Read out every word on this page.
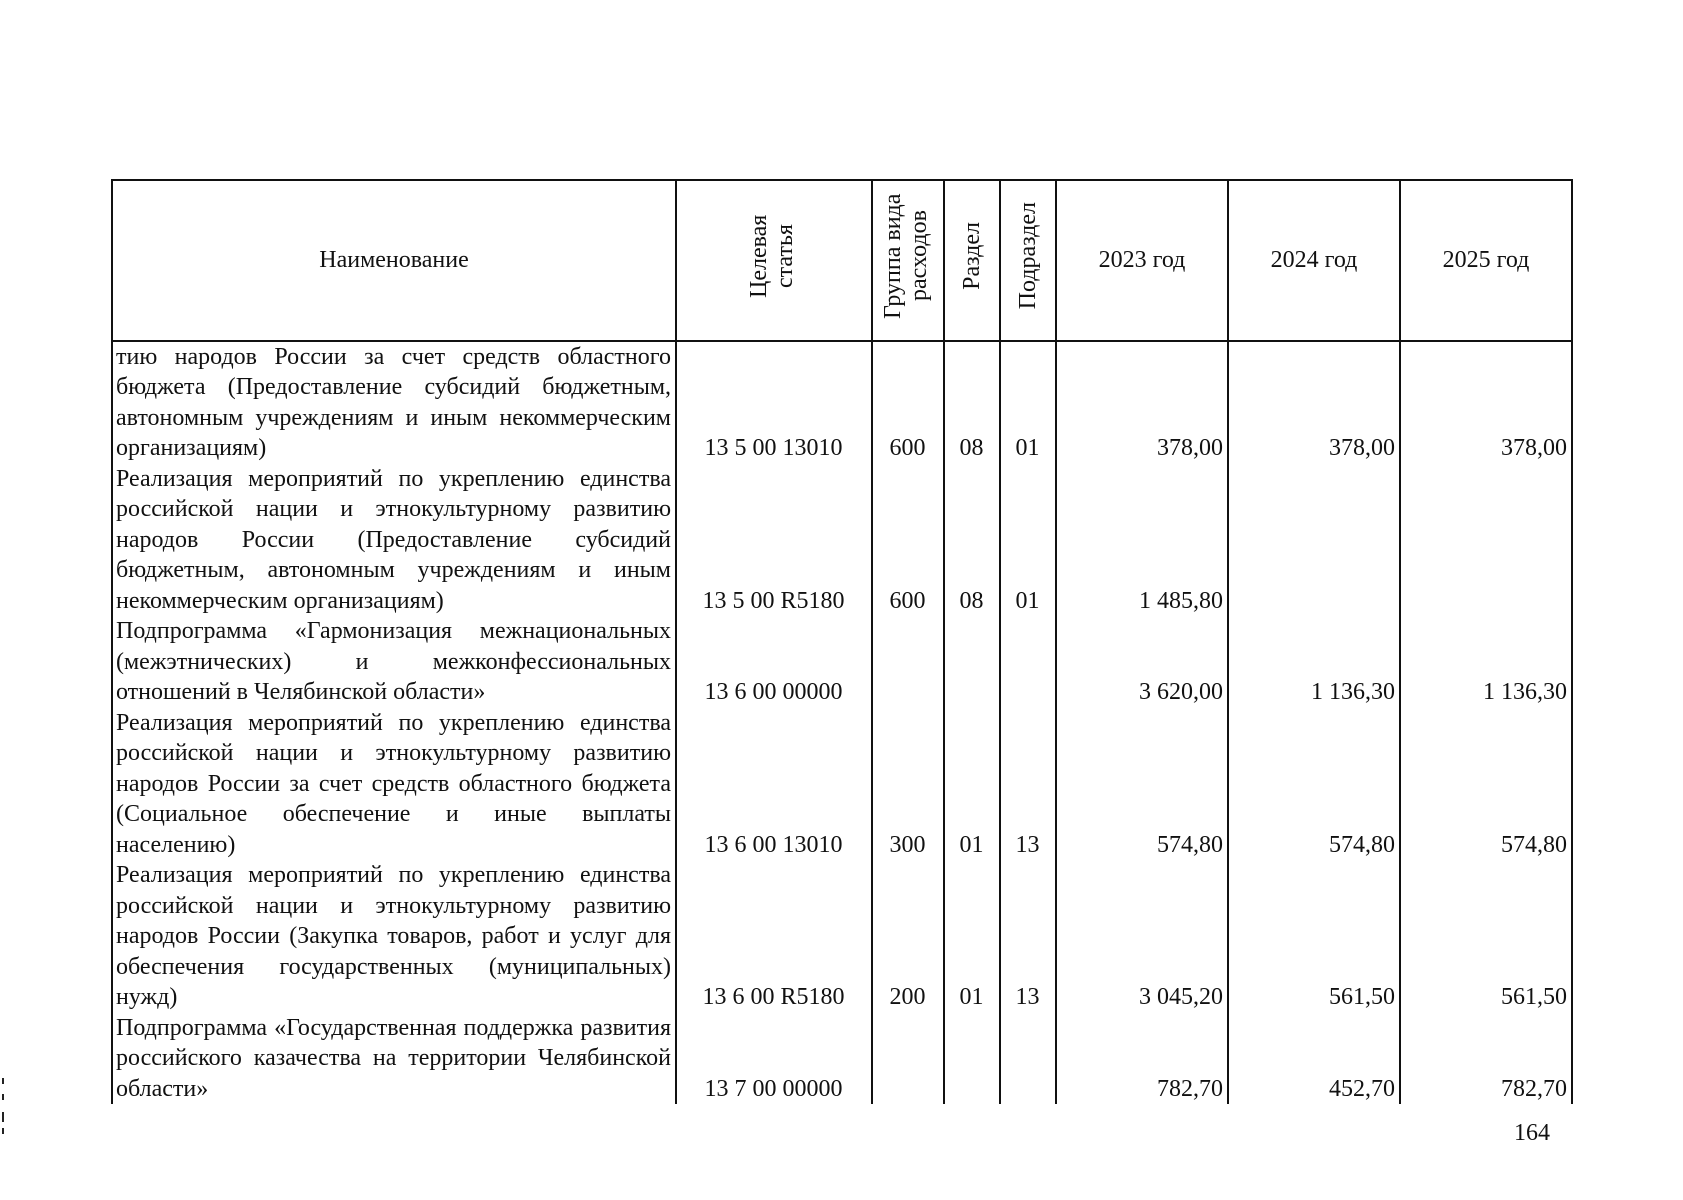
Наименование	Целевая статья	Группа вида расходов	Раздел	Подраздел	2023 год	2024 год	2025 год
тию народов России за счет средств областного бюджета (Предоставление субсидий бюджетным, автономным учреждениям и иным некоммерческим организациям)	13 5 00 13010	600	08	01	378,00	378,00	378,00
Реализация мероприятий по укреплению единства российской нации и этнокультурному развитию народов России (Предоставление субсидий бюджетным, автономным учреждениям и иным некоммерческим организациям)	13 5 00 R5180	600	08	01	1 485,80		
Подпрограмма «Гармонизация межнациональных (межэтнических) и межконфессиональных отношений в Челябинской области»	13 6 00 00000				3 620,00	1 136,30	1 136,30
Реализация мероприятий по укреплению единства российской нации и этнокультурному развитию народов России за счет средств областного бюджета (Социальное обеспечение и иные выплаты населению)	13 6 00 13010	300	01	13	574,80	574,80	574,80
Реализация мероприятий по укреплению единства российской нации и этнокультурному развитию народов России (Закупка товаров, работ и услуг для обеспечения государственных (муниципальных) нужд)	13 6 00 R5180	200	01	13	3 045,20	561,50	561,50
Подпрограмма «Государственная поддержка развития российского казачества на территории Челябинской области»	13 7 00 00000				782,70	452,70	782,70
164
